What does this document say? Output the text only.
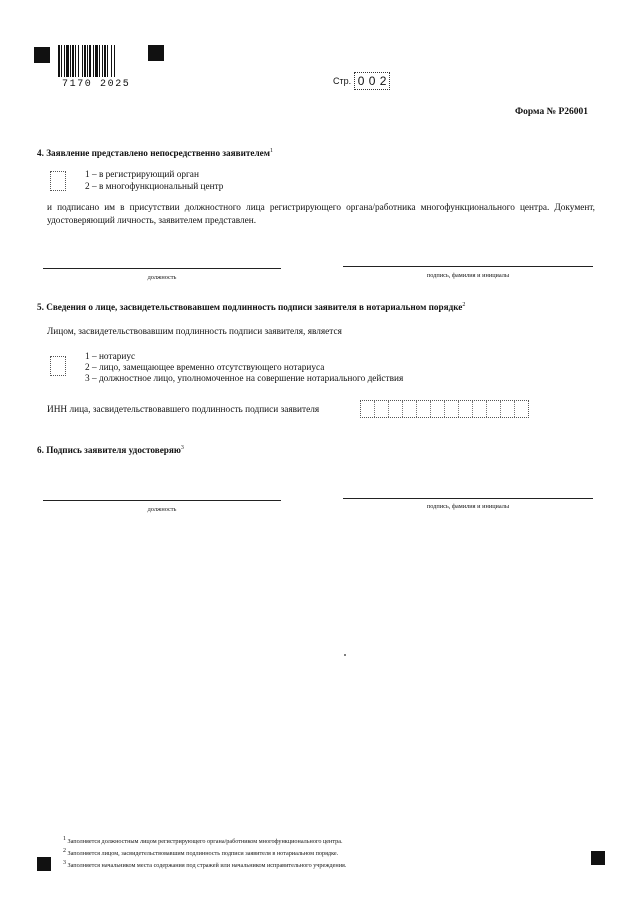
7170 2025	Стр. 0 0 2
Форма № Р26001
4. Заявление представлено непосредственно заявителем$^1$
1 – в регистрирующий орган
2 – в многофункциональный центр
и подписано им в присутствии должностного лица регистрирующего органа/работника многофункционального центра. Документ, удостоверяющий личность, заявителем представлен.
должность	подпись, фамилия и инициалы
5. Сведения о лице, засвидетельствовавшем подлинность подписи заявителя в нотариальном порядке$^2$
Лицом, засвидетельствовавшим подлинность подписи заявителя, является
1 – нотариус
2 – лицо, замещающее временно отсутствующего нотариуса
3 – должностное лицо, уполномоченное на совершение нотариального действия
ИНН лица, засвидетельствовавшего подлинность подписи заявителя
6. Подпись заявителя удостоверяю$^3$
должность	подпись, фамилия и инициалы
$^1$ Заполняется должностным лицом регистрирующего органа/работником многофункционального центра.
$^2$ Заполняется лицом, засвидетельствовавшим подлинность подписи заявителя в нотариальном порядке.
$^3$ Заполняется начальником места содержания под стражей или начальником исправительного учреждения.
